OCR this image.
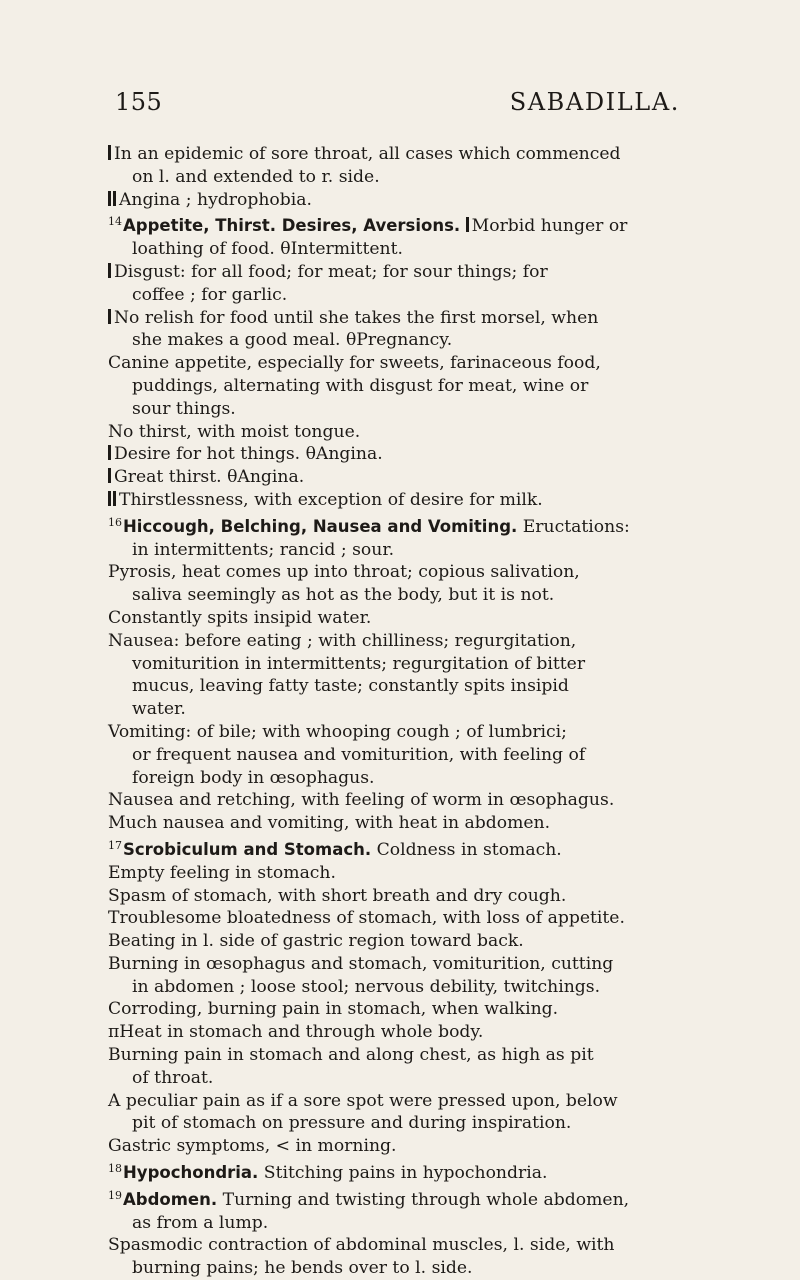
155	SABADILLA.
In an epidemic of sore throat, all cases which commenced
on l. and extended to r. side.
Angina ; hydrophobia.
$^{14}$Appetite, Thirst. Desires, Aversions. Morbid hunger or
loathing of food. θIntermittent.
Disgust: for all food; for meat; for sour things; for
coffee ; for garlic.
No relish for food until she takes the first morsel, when
she makes a good meal. θPregnancy.
Canine appetite, especially for sweets, farinaceous food,
puddings, alternating with disgust for meat, wine or
sour things.
No thirst, with moist tongue.
Desire for hot things. θAngina.
Great thirst. θAngina.
Thirstlessness, with exception of desire for milk.
$^{16}$Hiccough, Belching, Nausea and Vomiting. Eructations:
in intermittents; rancid ; sour.
Pyrosis, heat comes up into throat; copious salivation,
saliva seemingly as hot as the body, but it is not.
Constantly spits insipid water.
Nausea: before eating ; with chilliness; regurgitation,
vomiturition in intermittents; regurgitation of bitter
mucus, leaving fatty taste; constantly spits insipid
water.
Vomiting: of bile; with whooping cough ; of lumbrici;
or frequent nausea and vomiturition, with feeling of
foreign body in œsophagus.
Nausea and retching, with feeling of worm in œsophagus.
Much nausea and vomiting, with heat in abdomen.
$^{17}$Scrobiculum and Stomach. Coldness in stomach.
Empty feeling in stomach.
Spasm of stomach, with short breath and dry cough.
Troublesome bloatedness of stomach, with loss of appetite.
Beating in l. side of gastric region toward back.
Burning in œsophagus and stomach, vomiturition, cutting
in abdomen ; loose stool; nervous debility, twitchings.
Corroding, burning pain in stomach, when walking.
πHeat in stomach and through whole body.
Burning pain in stomach and along chest, as high as pit
of throat.
A peculiar pain as if a sore spot were pressed upon, below
pit of stomach on pressure and during inspiration.
Gastric symptoms, < in morning.
$^{18}$Hypochondria. Stitching pains in hypochondria.
$^{19}$Abdomen. Turning and twisting through whole abdomen,
as from a lump.
Spasmodic contraction of abdominal muscles, l. side, with
burning pains; he bends over to l. side.
